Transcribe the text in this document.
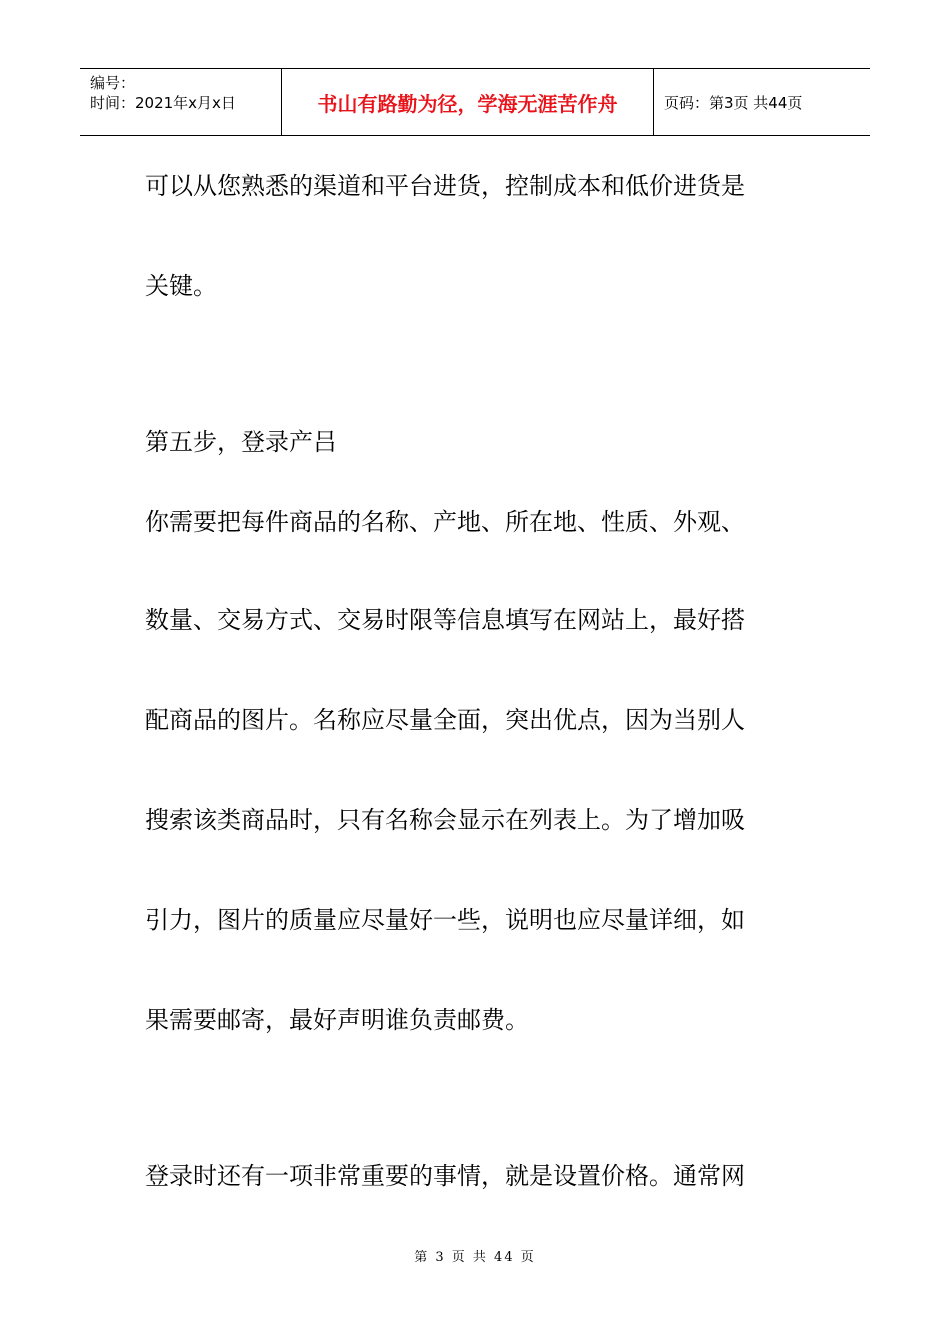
编号：
时间：2021年x月x日	书山有路勤为径，学海无涯苦作舟	页码：第3页 共44页
可以从您熟悉的渠道和平台进货，控制成本和低价进货是
关键。
第五步，登录产吕
你需要把每件商品的名称、产地、所在地、性质、外观、
数量、交易方式、交易时限等信息填写在网站上，最好搭
配商品的图片。名称应尽量全面，突出优点，因为当别人
搜索该类商品时，只有名称会显示在列表上。为了增加吸
引力，图片的质量应尽量好一些，说明也应尽量详细，如
果需要邮寄，最好声明谁负责邮费。
登录时还有一项非常重要的事情，就是设置价格。通常网
第 3 页 共 44 页
